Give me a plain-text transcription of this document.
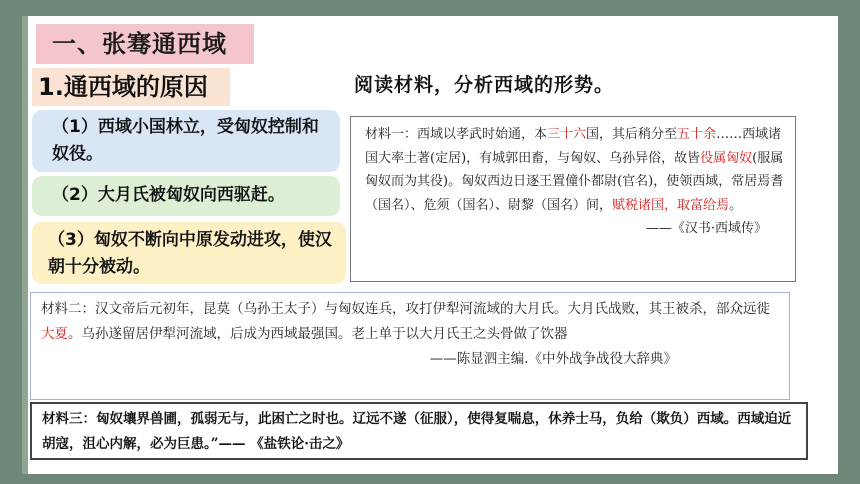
一、张骞通西域
1.通西域的原因	阅读材料，分析西域的形势。
（1）西域小国林立，受匈奴控制和奴役。
（2）大月氏被匈奴向西驱赶。
（3）匈奴不断向中原发动进攻，使汉朝十分被动。
材料一：西域以孝武时始通，本三十六国，其后稍分至五十余……西域诸国大率土著(定居)，有城郭田畜，与匈奴、乌孙异俗，故皆役属匈奴(服属匈奴而为其役)。匈奴西边日逐王置僮仆都尉(官名)，使领西域，常居焉耆（国名）、危须（国名）、尉黎（国名）间，赋税诸国，取富给焉。
——《汉书·西域传》
材料二：汉文帝后元初年，昆莫（乌孙王太子）与匈奴连兵，攻打伊犁河流域的大月氏。大月氏战败，其王被杀，部众远徙大夏。乌孙遂留居伊犁河流域，后成为西域最强国。老上单于以大月氏王之头骨做了饮器
——陈显泗主编.《中外战争战役大辞典》
材料三：匈奴壤界兽圃，孤弱无与，此困亡之时也。辽远不遂（征服），使得复喘息，休养士马，负给（欺负）西域。西域迫近胡寇，沮心内解，必为巨患。”—— 《盐铁论·击之》
